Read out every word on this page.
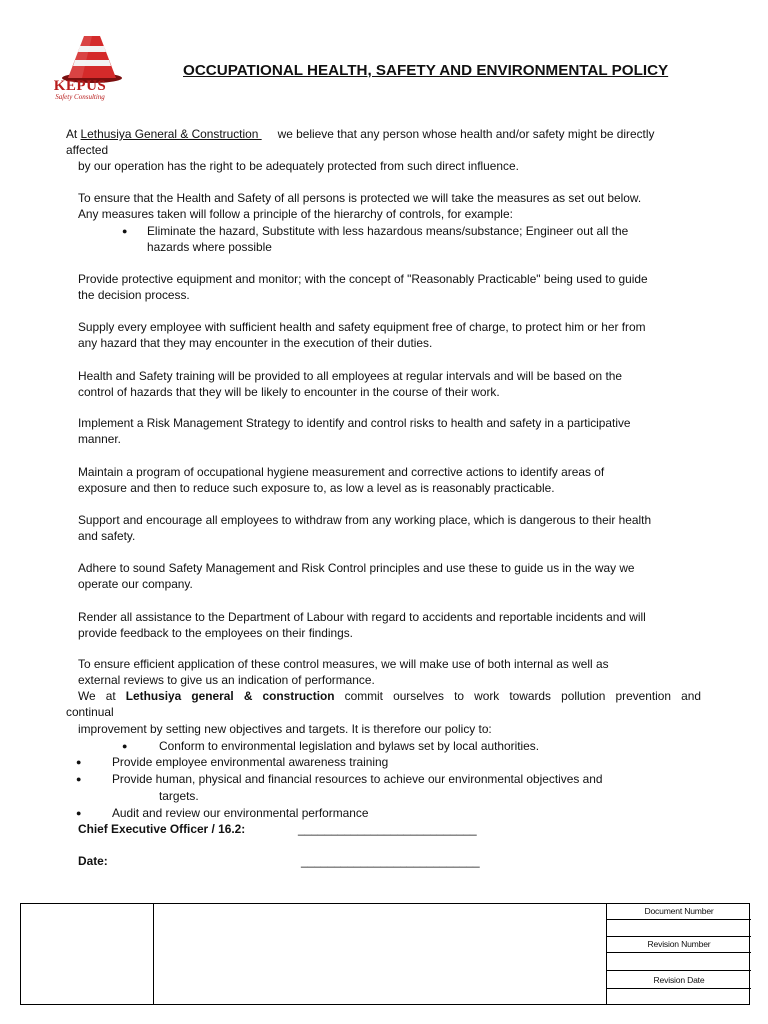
KEPUS
Safety Consulting
OCCUPATIONAL HEALTH, SAFETY AND ENVIRONMENTAL POLICY

At Lethusiya General & Construction we believe that any person whose health and/or safety might be directly

affected

by our operation has the right to be adequately protected from such direct influence.

To ensure that the Health and Safety of all persons is protected we will take the measures as set out below.

Any measures taken will follow a principle of the hierarchy of controls, for example:

● Eliminate the hazard, Substitute with less hazardous means/substance; Engineer out all the

hazards where possible

Provide protective equipment and monitor; with the concept of "Reasonably Practicable" being used to guide

the decision process.

Supply every employee with sufficient health and safety equipment free of charge, to protect him or her from

any hazard that they may encounter in the execution of their duties.

Health and Safety training will be provided to all employees at regular intervals and will be based on the

control of hazards that they will be likely to encounter in the course of their work.

Implement a Risk Management Strategy to identify and control risks to health and safety in a participative

manner.

Maintain a program of occupational hygiene measurement and corrective actions to identify areas of

exposure and then to reduce such exposure to, as low a level as is reasonably practicable.

Support and encourage all employees to withdraw from any working place, which is dangerous to their health

and safety.

Adhere to sound Safety Management and Risk Control principles and use these to guide us in the way we

operate our company.

Render all assistance to the Department of Labour with regard to accidents and reportable incidents and will

provide feedback to the employees on their findings.

To ensure efficient application of these control measures, we will make use of both internal as well as

external reviews to give us an indication of performance.

We at Lethusiya general & construction commit ourselves to work towards pollution prevention and

continual

improvement by setting new objectives and targets. It is therefore our policy to:

●	Conform to environmental legislation and bylaws set by local authorities.

●	Provide employee environmental awareness training

●	Provide human, physical and financial resources to achieve our environmental objectives and

targets.

●	Audit and review our environmental performance

Chief Executive Officer / 16.2:	___________________________

Date:	___________________________

Document Number
Revision Number
Revision Date
